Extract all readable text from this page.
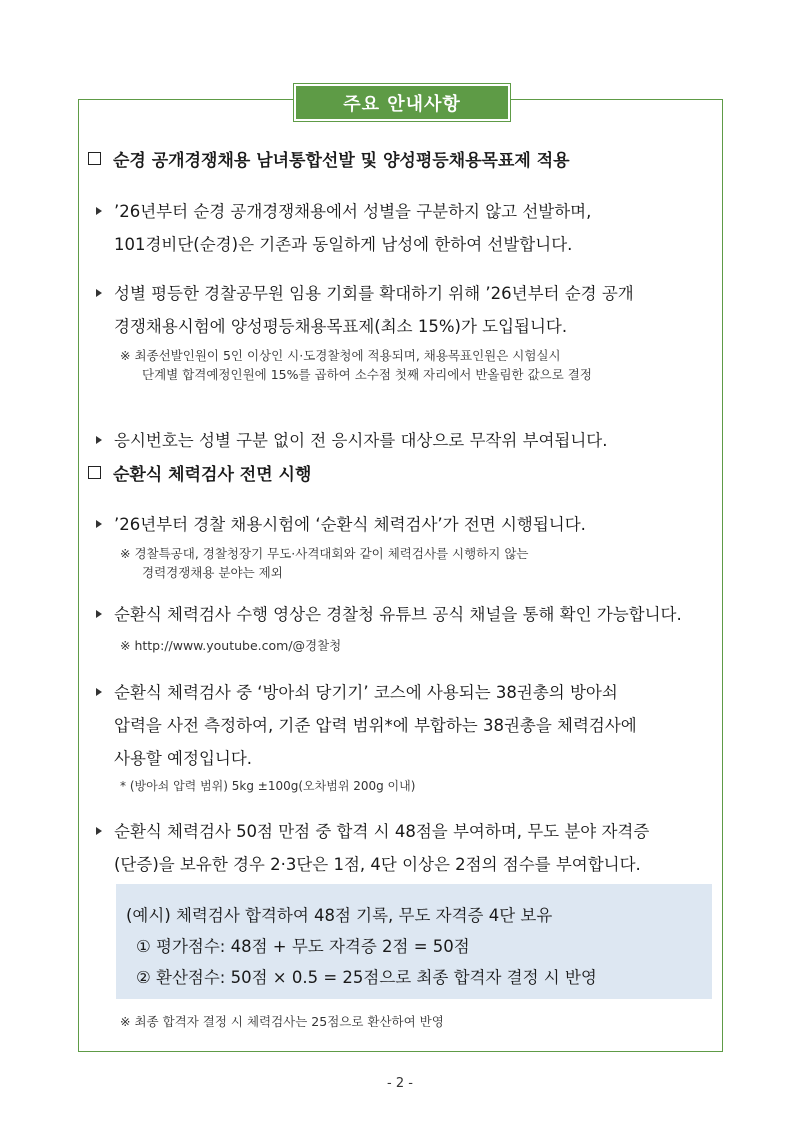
주요 안내사항
순경 공개경쟁채용 남녀통합선발 및 양성평등채용목표제 적용
’26년부터 순경 공개경쟁채용에서 성별을 구분하지 않고 선발하며,
101경비단(순경)은 기존과 동일하게 남성에 한하여 선발합니다.
성별 평등한 경찰공무원 임용 기회를 확대하기 위해 ’26년부터 순경 공개
경쟁채용시험에 양성평등채용목표제(최소 15%)가 도입됩니다.
※ 최종선발인원이 5인 이상인 시·도경찰청에 적용되며, 채용목표인원은 시험실시
단계별 합격예정인원에 15%를 곱하여 소수점 첫째 자리에서 반올림한 값으로 결정
응시번호는 성별 구분 없이 전 응시자를 대상으로 무작위 부여됩니다.
순환식 체력검사 전면 시행
’26년부터 경찰 채용시험에 ‘순환식 체력검사’가 전면 시행됩니다.
※ 경찰특공대, 경찰청장기 무도·사격대회와 같이 체력검사를 시행하지 않는
경력경쟁채용 분야는 제외
순환식 체력검사 수행 영상은 경찰청 유튜브 공식 채널을 통해 확인 가능합니다.
※ http://www.youtube.com/@경찰청
순환식 체력검사 중 ‘방아쇠 당기기’ 코스에 사용되는 38권총의 방아쇠
압력을 사전 측정하여, 기준 압력 범위*에 부합하는 38권총을 체력검사에
사용할 예정입니다.
* (방아쇠 압력 범위) 5kg ±100g(오차범위 200g 이내)
순환식 체력검사 50점 만점 중 합격 시 48점을 부여하며, 무도 분야 자격증
(단증)을 보유한 경우 2·3단은 1점, 4단 이상은 2점의 점수를 부여합니다.
(예시) 체력검사 합격하여 48점 기록, 무도 자격증 4단 보유
① 평가점수: 48점 + 무도 자격증 2점 = 50점
② 환산점수: 50점 × 0.5 = 25점으로 최종 합격자 결정 시 반영
※ 최종 합격자 결정 시 체력검사는 25점으로 환산하여 반영
- 2 -
